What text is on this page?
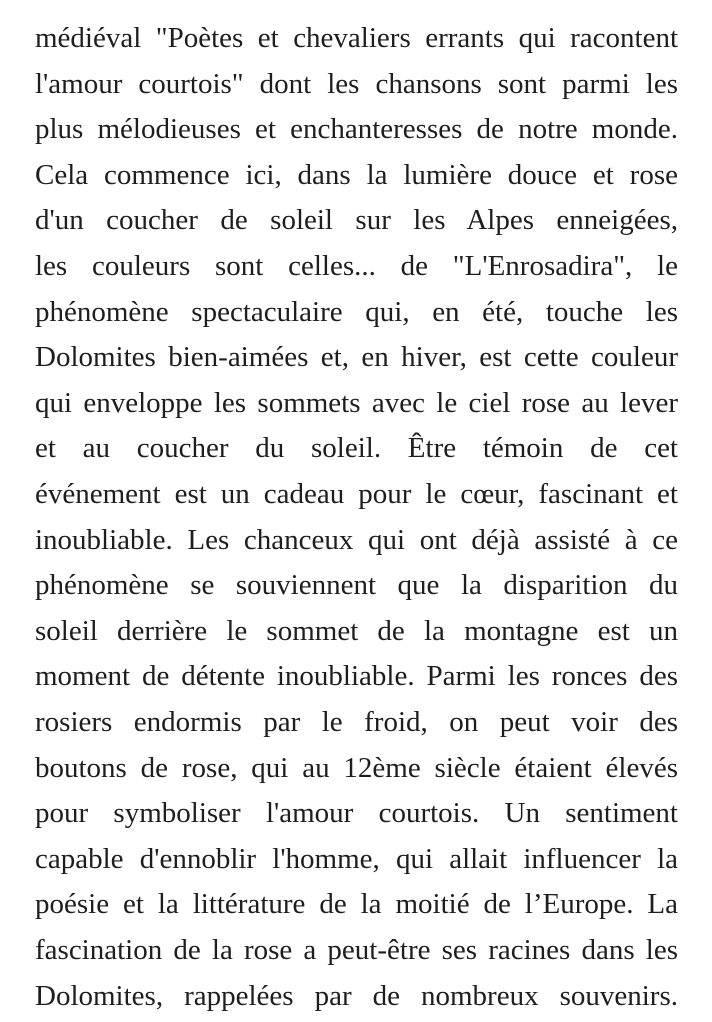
médiéval "Poètes et chevaliers errants qui racontent
l'amour courtois" dont les chansons sont parmi les
plus mélodieuses et enchanteresses de notre monde.
Cela commence ici, dans la lumière douce et rose
d'un coucher de soleil sur les Alpes enneigées,
les couleurs sont celles... de "L'Enrosadira", le
phénomène spectaculaire qui, en été, touche les
Dolomites bien-aimées et, en hiver, est cette couleur
qui enveloppe les sommets avec le ciel rose au lever
et au coucher du soleil. Être témoin de cet
événement est un cadeau pour le cœur, fascinant et
inoubliable. Les chanceux qui ont déjà assisté à ce
phénomène se souviennent que la disparition du
soleil derrière le sommet de la montagne est un
moment de détente inoubliable. Parmi les ronces des
rosiers endormis par le froid, on peut voir des
boutons de rose, qui au 12ème siècle étaient élevés
pour symboliser l'amour courtois. Un sentiment
capable d'ennoblir l'homme, qui allait influencer la
poésie et la littérature de la moitié de l’Europe. La
fascination de la rose a peut-être ses racines dans les
Dolomites, rappelées par de nombreux souvenirs.
